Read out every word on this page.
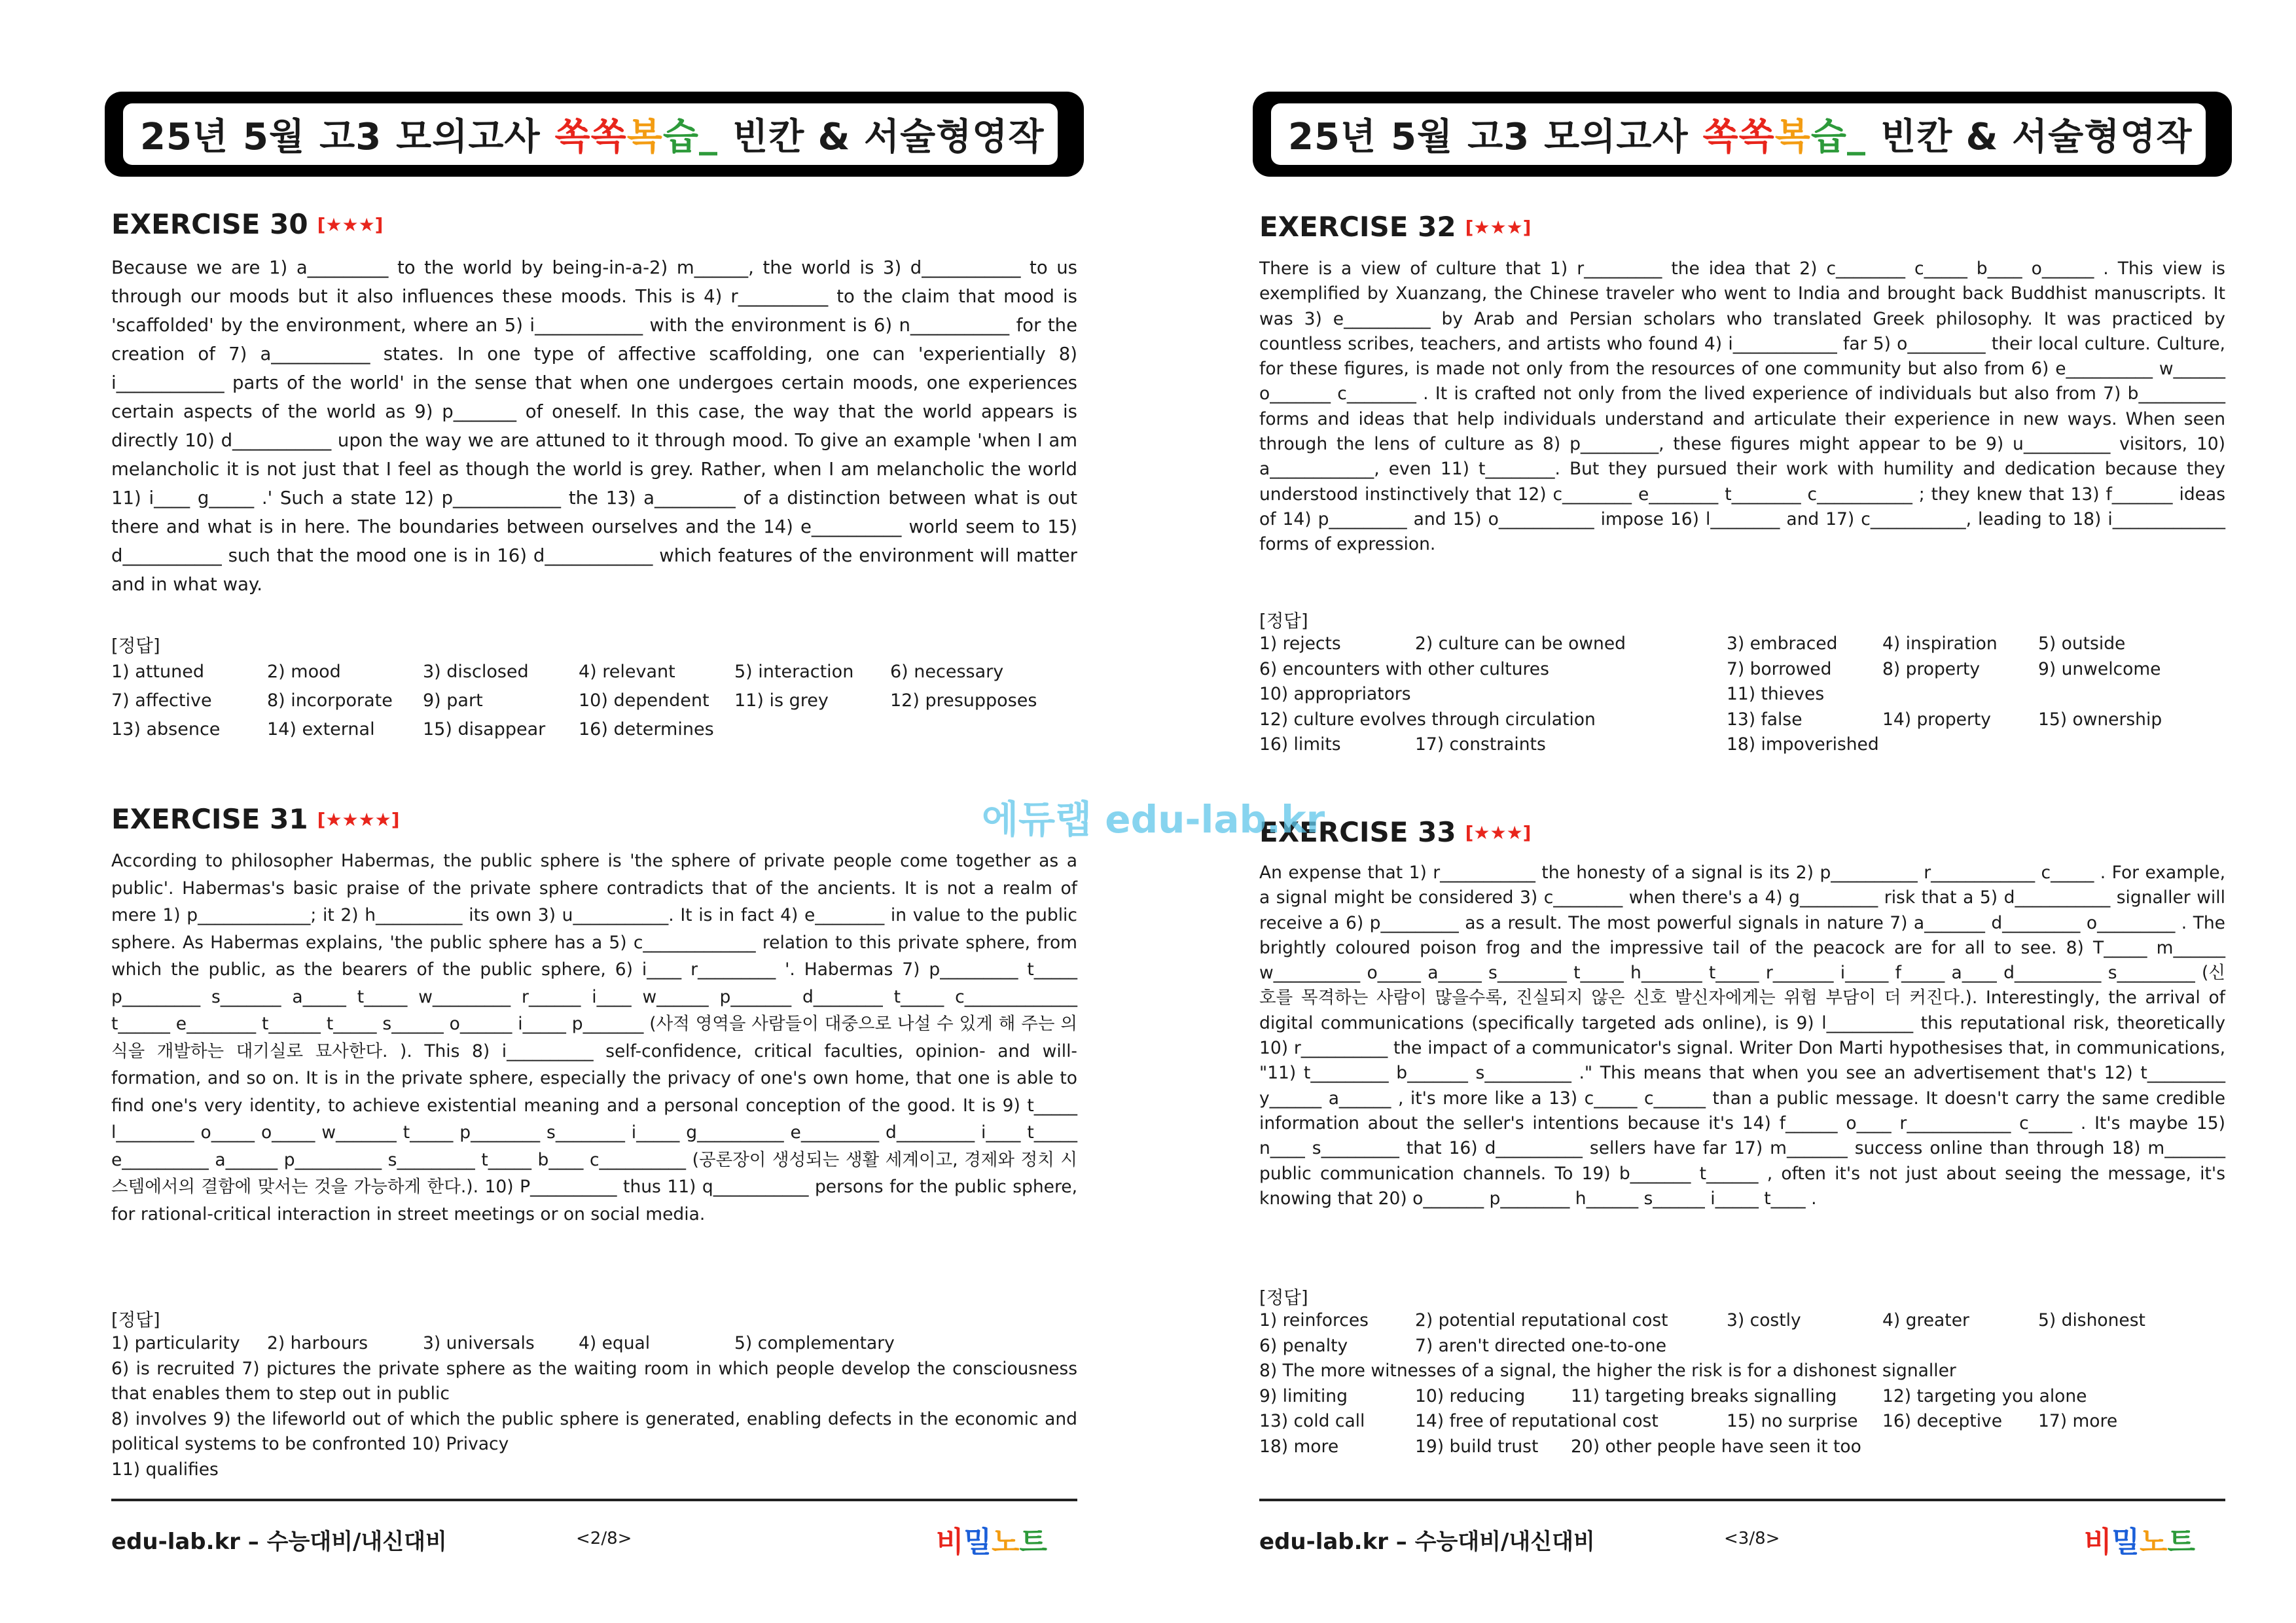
25년 5월 고3 모의고사 쏙 쏙 복 습 _ 빈칸 & 서술형영작
EXERCISE 30 [★★★]
Because we are 1) a_________ to the world by being-in-a-2) m______, the world is 3) d___________ to us through our moods but it also influences these moods. This is 4) r__________ to the claim that mood is 'scaffolded' by the environment, where an 5) i____________ with the environment is 6) n___________ for the creation of 7) a___________ states. In one type of affective scaffolding, one can 'experientially 8) i____________ parts of the world' in the sense that when one undergoes certain moods, one experiences certain aspects of the world as 9) p_______ of oneself. In this case, the way that the world appears is directly 10) d___________ upon the way we are attuned to it through mood. To give an example 'when I am melancholic it is not just that I feel as though the world is grey. Rather, when I am melancholic the world 11) i____ g_____ .' Such a state 12) p____________ the 13) a_________ of a distinction between what is out there and what is in here. The boundaries between ourselves and the 14) e__________ world seem to 15) d___________ such that the mood one is in 16) d____________ which features of the environment will matter and in what way.
[정답]
1) attuned	2) mood	3) disclosed	4) relevant	5) interaction 6) necessary
7) affective	8) incorporate 9) part	10) dependent 11) is grey	12) presupposes
13) absence	14) external	15) disappear 16) determines
EXERCISE 31 [★★★★]
According to philosopher Habermas, the public sphere is 'the sphere of private people come together as a public'. Habermas's basic praise of the private sphere contradicts that of the ancients. It is not a realm of mere 1) p_____________; it 2) h__________ its own 3) u___________. It is in fact 4) e________ in value to the public sphere. As Habermas explains, 'the public sphere has a 5) c_____________ relation to this private sphere, from which the public, as the bearers of the public sphere, 6) i____ r_________ '. Habermas 7) p_________ t_____ p_________ s_______ a_____ t_____ w_________ r______ i____ w______ p_______ d________ t_____ c_____________ t______ e________ t______ t_____ s______ o______ i_____ p_______ (사적 영역을 사람들이 대중으로 나설 수 있게 해 주는 의식을 개발하는 대기실로 묘사한다. ). This 8) i__________ self-confidence, critical faculties, opinion- and will-formation, and so on. It is in the private sphere, especially the privacy of one's own home, that one is able to find one's very identity, to achieve existential meaning and a personal conception of the good. It is 9) t_____ l_________ o_____ o_____ w_______ t_____ p________ s________ i_____ g__________ e_________ d_________ i____ t_____ e__________ a______ p__________ s_________ t_____ b____ c__________ (공론장이 생성되는 생활 세계이고, 경제와 정치 시스템에서의 결함에 맞서는 것을 가능하게 한다.). 10) P__________ thus 11) q___________ persons for the public sphere, for rational-critical interaction in street meetings or on social media.
[정답]
1) particularity 2) harbours	3) universals	4) equal	5) complementary
6) is recruited 7) pictures the private sphere as the waiting room in which people develop the consciousness that enables them to step out in public
8) involves 9) the lifeworld out of which the public sphere is generated, enabling defects in the economic and political systems to be confronted 10) Privacy
11) qualifies
edu-lab.kr – 수능대비/내신대비	<2/8>	비밀노트
25년 5월 고3 모의고사 쏙 쏙 복 습 _ 빈칸 & 서술형영작
EXERCISE 32 [★★★]
There is a view of culture that 1) r_________ the idea that 2) c________ c_____ b____ o______ . This view is exemplified by Xuanzang, the Chinese traveler who went to India and brought back Buddhist manuscripts. It was 3) e__________ by Arab and Persian scholars who translated Greek philosophy. It was practiced by countless scribes, teachers, and artists who found 4) i____________ far 5) o_________ their local culture. Culture, for these figures, is made not only from the resources of one community but also from 6) e__________ w______ o_______ c________ . It is crafted not only from the lived experience of individuals but also from 7) b__________ forms and ideas that help individuals understand and articulate their experience in new ways. When seen through the lens of culture as 8) p_________, these figures might appear to be 9) u__________ visitors, 10) a____________, even 11) t________. But they pursued their work with humility and dedication because they understood instinctively that 12) c________ e________ t________ c___________ ; they knew that 13) f_______ ideas of 14) p_________ and 15) o___________ impose 16) l________ and 17) c___________, leading to 18) i_____________ forms of expression.
[정답]
1) rejects	2) culture can be owned	3) embraced	4) inspiration 5) outside
6) encounters with other cultures	7) borrowed	8) property	9) unwelcome
10) appropriators	11) thieves
12) culture evolves through circulation	13) false	14) property	15) ownership
16) limits	17) constraints	18) impoverished
EXERCISE 33 [★★★]
An expense that 1) r___________ the honesty of a signal is its 2) p__________ r____________ c_____ . For example, a signal might be considered 3) c________ when there's a 4) g_________ risk that a 5) d___________ signaller will receive a 6) p_________ as a result. The most powerful signals in nature 7) a_______ d_________ o_________ . The brightly coloured poison frog and the impressive tail of the peacock are for all to see. 8) T_____ m______ w__________ o_____ a_____ s________ t_____ h_______ t_____ r_______ i_____ f_____ a____ d__________ s_________ (신호를 목격하는 사람이 많을수록, 진실되지 않은 신호 발신자에게는 위험 부담이 더 커진다.). Interestingly, the arrival of digital communications (specifically targeted ads online), is 9) l__________ this reputational risk, theoretically 10) r__________ the impact of a communicator's signal. Writer Don Marti hypothesises that, in communications, "11) t_________ b_______ s__________ ." This means that when you see an advertisement that's 12) t_________ y______ a______ , it's more like a 13) c_____ c______ than a public message. It doesn't carry the same credible information about the seller's intentions because it's 14) f______ o____ r____________ c_____ . It's maybe 15) n____ s_________ that 16) d__________ sellers have far 17) m_______ success online than through 18) m_______ public communication channels. To 19) b_______ t______ , often it's not just about seeing the message, it's knowing that 20) o_______ p________ h______ s______ i_____ t____ .
[정답]
1) reinforces	2) potential reputational cost	3) costly	4) greater	5) dishonest
6) penalty	7) aren't directed one-to-one
8) The more witnesses of a signal, the higher the risk is for a dishonest signaller
9) limiting	10) reducing	11) targeting breaks signalling	12) targeting you alone
13) cold call	14) free of reputational cost	15) no surprise 16) deceptive 17) more
18) more	19) build trust 20) other people have seen it too
edu-lab.kr – 수능대비/내신대비	<3/8>	비밀노트
에듀랩 edu-lab.kr
